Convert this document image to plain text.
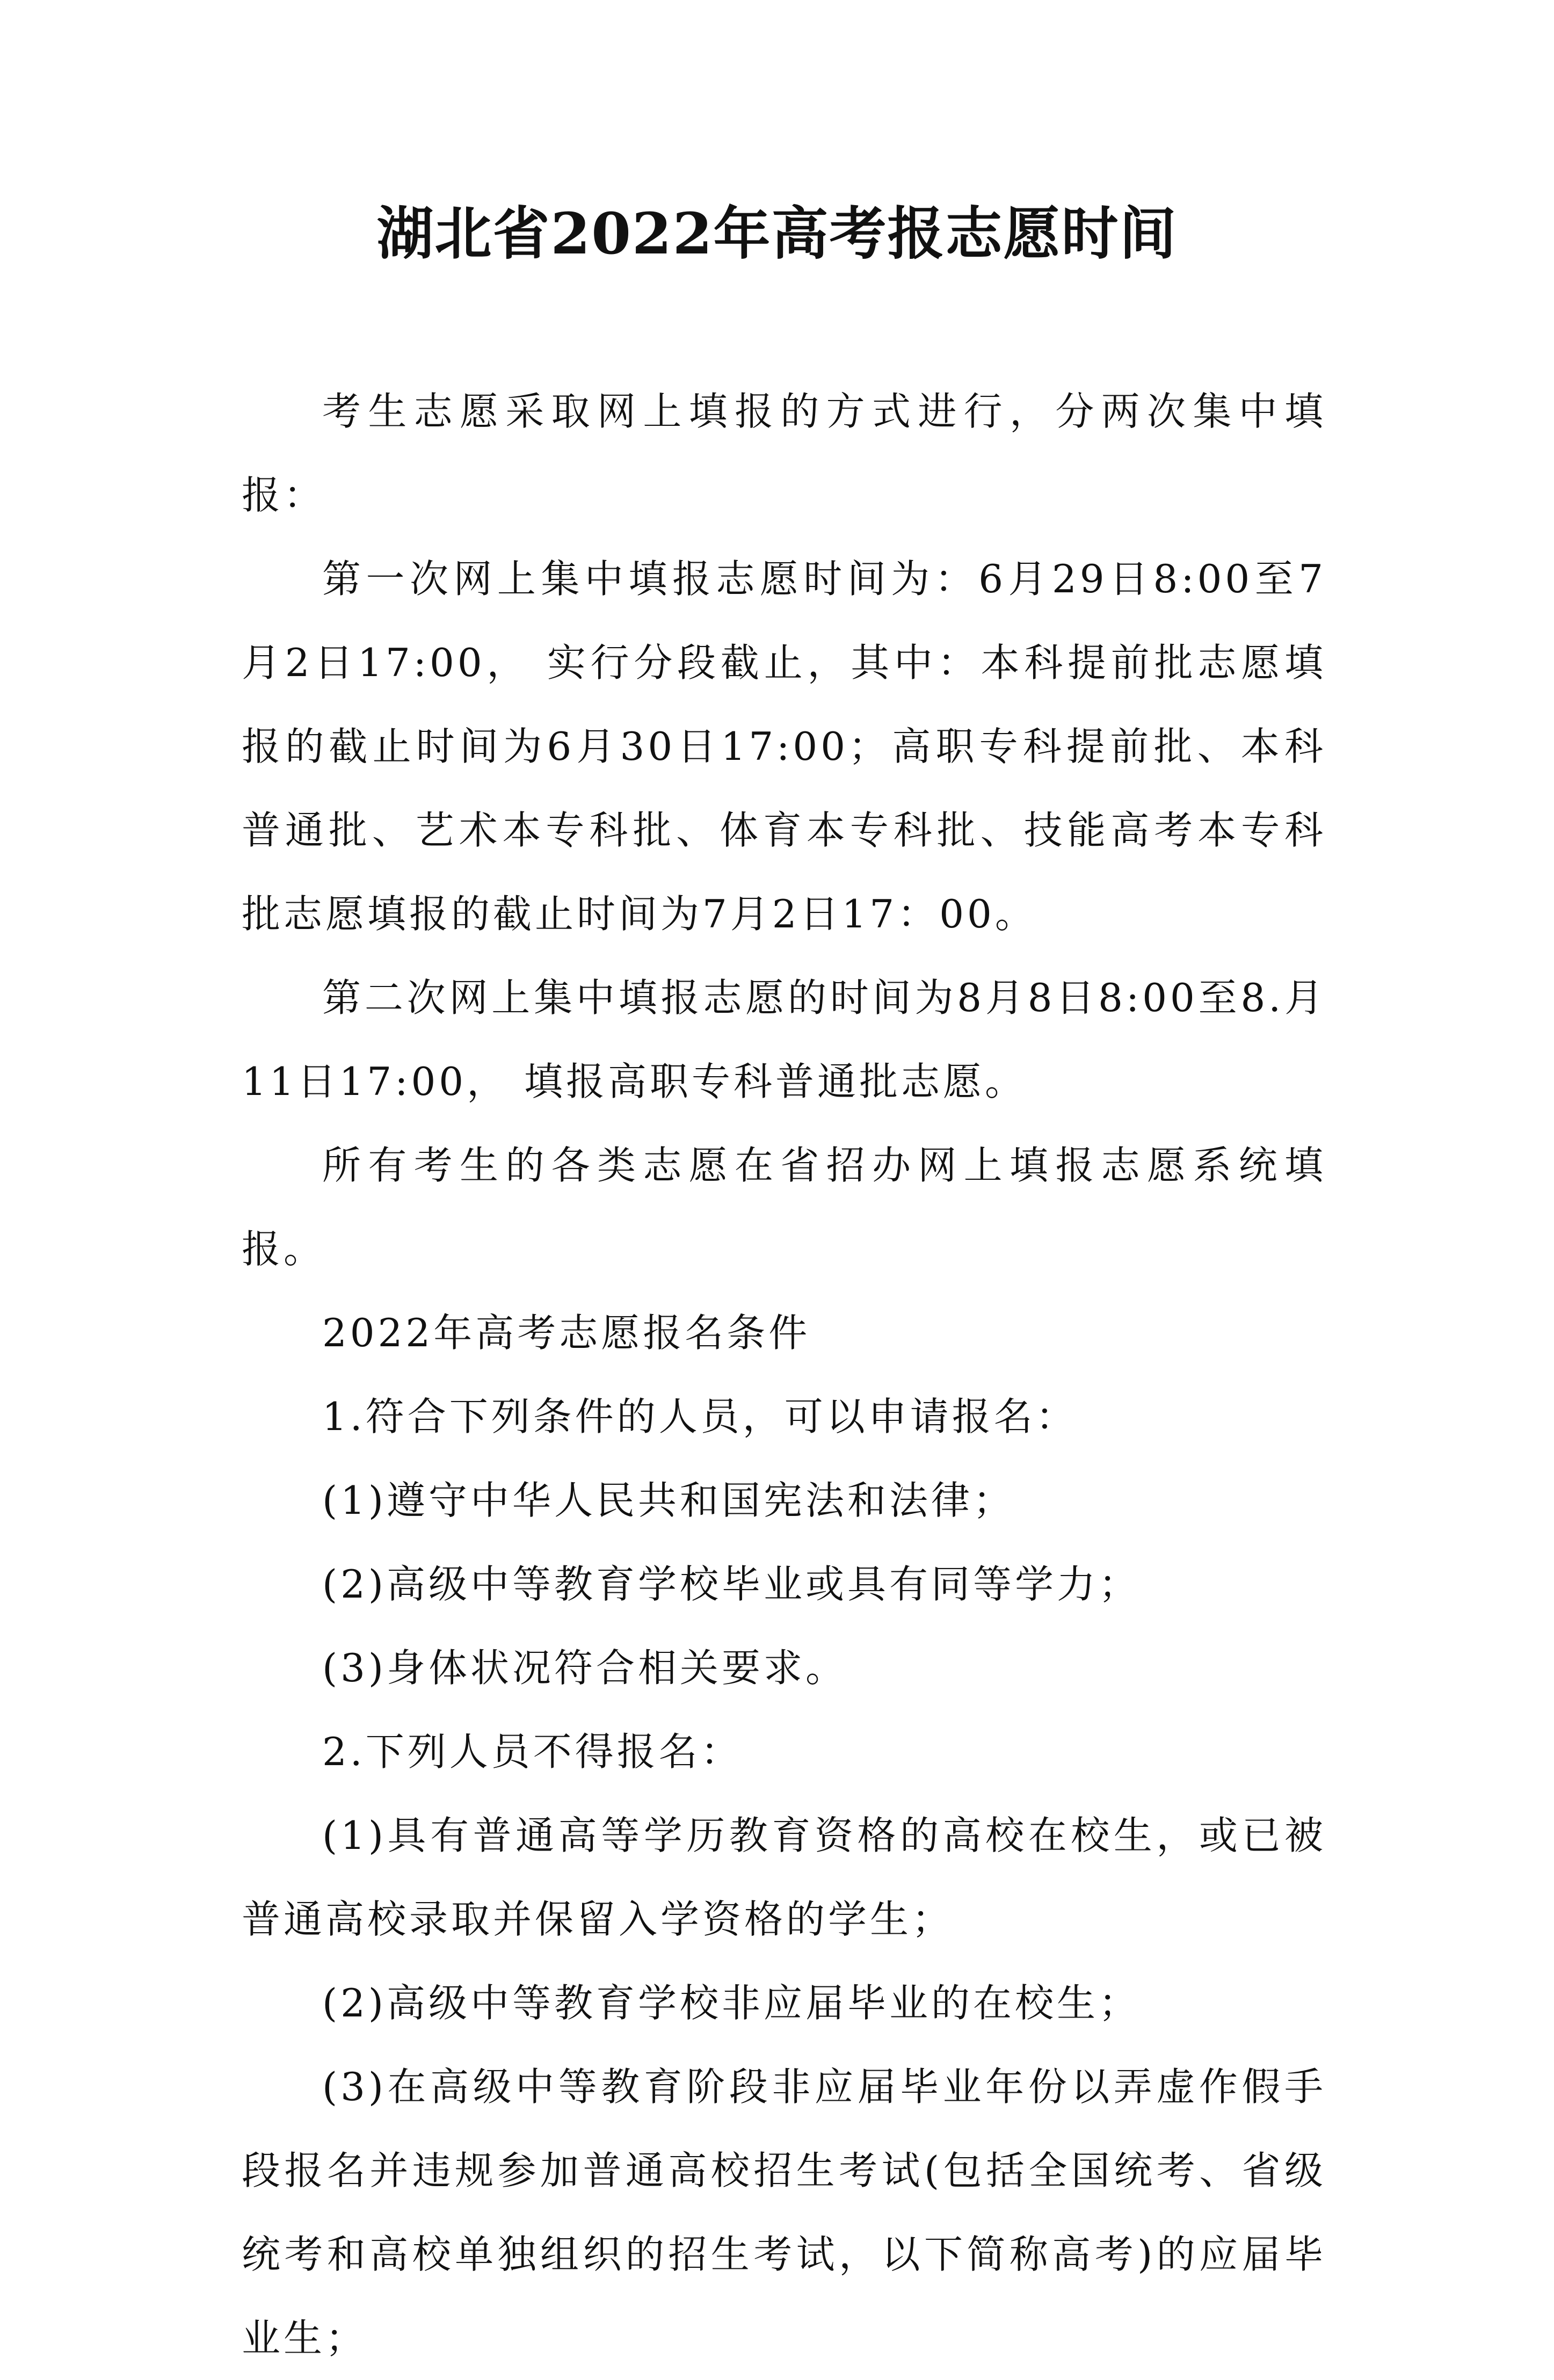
湖北省2022年高考报志愿时间

考生志愿采取网上填报的方式进行，分两次集中填报：

第一次网上集中填报志愿时间为：6月29日8:00至7月2日17:00， 实行分段截止，其中：本科提前批志愿填报的截止时间为6月30日17:00；高职专科提前批、本科普通批、艺术本专科批、体育本专科批、技能高考本专科批志愿填报的截止时间为7月2日17：00。

第二次网上集中填报志愿的时间为8月8日8:00至8.月11日17:00， 填报高职专科普通批志愿。

所有考生的各类志愿在省招办网上填报志愿系统填报。

2022年高考志愿报名条件

1.符合下列条件的人员，可以申请报名：

(1)遵守中华人民共和国宪法和法律；

(2)高级中等教育学校毕业或具有同等学力；

(3)身体状况符合相关要求。

2.下列人员不得报名：

(1)具有普通高等学历教育资格的高校在校生，或已被普通高校录取并保留入学资格的学生；

(2)高级中等教育学校非应届毕业的在校生；

(3)在高级中等教育阶段非应届毕业年份以弄虚作假手段报名并违规参加普通高校招生考试(包括全国统考、省级统考和高校单独组织的招生考试，以下简称高考)的应届毕业生；
